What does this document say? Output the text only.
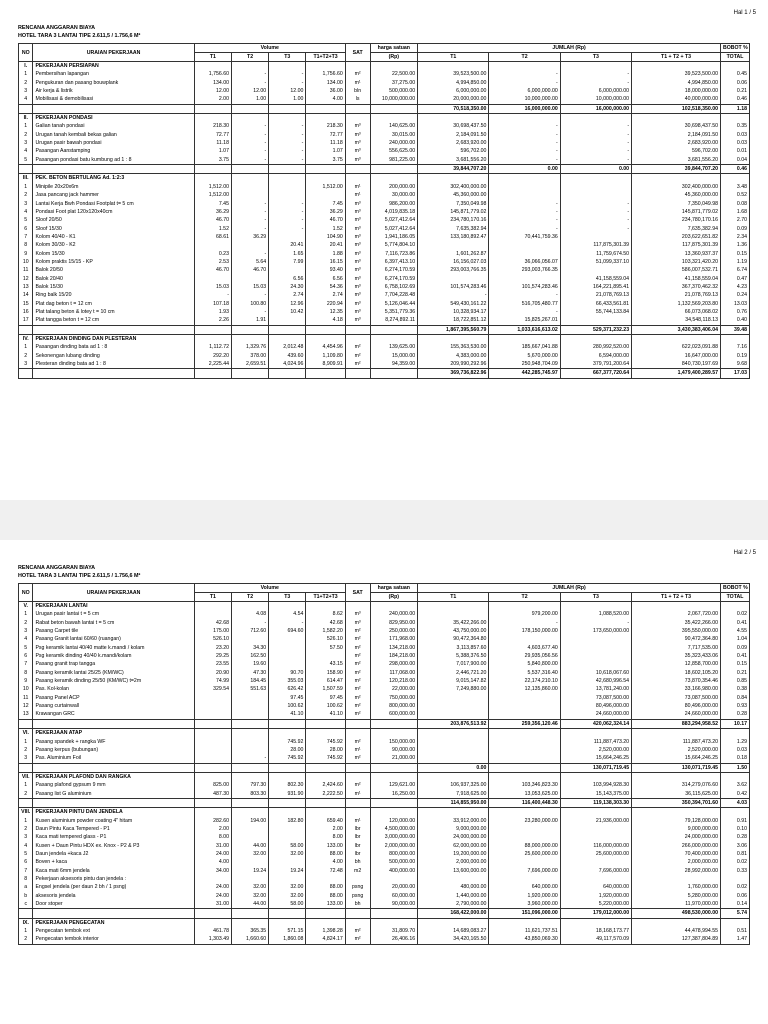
Hal 1 / 5
RENCANA ANGGARAN BIAYA
HOTEL TARA 3 LANTAI TIPE 2.611,5 / 1.756,6 M²
NO	URAIAN PEKERJAAN	Volume				SAT	harga satuan	JUMLAH (Rp)				BOBOT %
		T1	T2	T3	T1+T2+T3		(Rp)	T1	T2	T3	T1 + T2 + T3	TOTAL
I.	PEKERJAAN PERSIAPAN											
1	Pembersihan lapangan	1,756.60	-	-	1,756.60	m²	22,500.00	39,523,500.00	-	-	39,523,500.00	0.45
2	Pengukuran dan pasang bouwplank	134.00	-	-	134.00	m¹	37,275.00	4,994,850.00	-	-	4,994,850.00	0.06
3	Air kerja & listrik	12.00	12.00	12.00	36.00	bln	500,000.00	6,000,000.00	6,000,000.00	6,000,000.00	18,000,000.00	0.21
4	Mobilisasi & demobilisasi	2.00	1.00	1.00	4.00	ls	10,000,000.00	20,000,000.00	10,000,000.00	10,000,000.00	40,000,000.00	0.46
								70,518,350.00	16,000,000.00	16,000,000.00	102,518,350.00	1.18
II.	PEKERJAAN PONDASI											
1	Galian tanah pondasi	218.30	-	-	218.30	m³	140,625.00	30,698,437.50	-	-	30,698,437.50	0.35
2	Urugan tanah kembali bekas galian	72.77	-	-	72.77	m³	30,015.00	2,184,091.50	-	-	2,184,091.50	0.03
3	Urugan pasir bawah pondasi	11.18	-	-	11.18	m³	240,000.00	2,683,920.00	-	-	2,683,920.00	0.03
4	Pasangan Aanstamping	1.07	-	-	1.07	m³	556,625.00	596,702.00	-	-	596,702.00	0.01
5	Pasangan pondasi batu kumbung ad 1 : 8	3.75	-	-	3.75	m³	981,225.00	3,681,556.20	-	-	3,681,556.20	0.04
								39,844,707.20	0.00	0.00	39,844,707.20	0.46
III.	PEK. BETON BERTULANG Ad. 1:2:3											
1	Minipile 20x20x6m	1,512.00			1,512.00	m¹	200,000.00	302,400,000.00			302,400,000.00	3.48
2	Jasa pancang jack hammer	1,512.00				m¹	30,000.00	45,360,000.00			45,360,000.00	0.52
3	Lantai Kerja Bwh Pondasi Footplat t= 5 cm	7.45	-	-	7.45	m³	986,200.00	7,350,049.98	-	-	7,350,049.98	0.08
4	Pondasi Foot plat 120x120x40cm	36.29	-	-	36.29	m³	4,019,835.18	145,871,779.02	-	-	145,871,779.02	1.68
5	Sloof 20/50	46.70	-	-	46.70	m³	5,027,412.64	234,780,170.16	-	-	234,780,170.16	2.70
6	Sloof 15/30	1.52	-	-	1.52	m³	5,027,412.64	7,635,382.94	-	-	7,635,382.94	0.09
7	Kolom 40/40 - K1	68.61	36.29		104.90	m³	1,941,186.05	133,180,892.47	70,441,759.36		203,622,651.82	2.34
8	Kolom 30/30 - K2			20.41	20.41	m³	5,774,804.10			117,875,301.39	117,875,301.39	1.36
9	Kolom 15/30	0.23	-	1.65	1.88	m³	7,116,723.86	1,601,262.87		11,759,674.50	13,360,937.37	0.15
10	Kolom praktis 15/15 - KP	2.53	5.64	7.99	16.15	m³	6,397,413.10	16,156,027.03	36,066,056.07	51,099,337.10	103,321,420.20	1.19
11	Balok 20/50	46.70	46.70		93.40	m³	6,274,170.59	293,003,766.35	293,003,766.35		586,007,532.71	6.74
12	Balok 20/40			6.56	6.56	m³	6,274,170.59			41,158,559.04	41,158,559.04	0.47
13	Balok 15/30	15.03	15.03	24.30	54.36	m³	6,758,102.69	101,574,283.46	101,574,283.46	164,221,895.41	367,370,462.32	4.23
14	Ring balk 15/20	-	-	2.74	2.74	m³	7,704,228.48	-	-	21,078,769.13	21,078,769.13	0.24
15	Plat dag beton t = 12 cm	107.18	100.80	12.96	220.94	m³	5,126,046.44	549,430,161.22	516,705,480.77	66,433,561.81	1,132,569,203.80	13.03
16	Plat talang beton & lotey t = 10 cm	1.93	-	10.42	12.35	m³	5,351,779.36	10,328,934.17	-	55,744,133.84	66,073,068.02	0.76
17	Plat tangga beton t = 12 cm	2.26	1.91		4.18	m³	8,274,892.11	18,722,851.12	15,825,267.01		34,548,118.13	0.40
								1,867,395,560.79	1,033,616,613.02	529,371,232.23	3,430,383,406.04	39.48
IV.	PEKERJAAN DINDING DAN PLESTERAN											
1	Pasangan dinding bata ad 1 : 8	1,112.72	1,329.76	2,012.48	4,454.96	m²	139,625.00	155,363,530.00	185,667,041.88	280,992,520.00	622,023,091.88	7.16
2	Sekonengan lubang dinding	292.20	378.00	439.60	1,109.80	m²	15,000.00	4,383,000.00	5,670,000.00	6,594,000.00	16,647,000.00	0.19
3	Plesteran dinding bata ad 1 : 8	2,225.44	2,659.51	4,024.96	8,909.91	m²	94,359.00	209,990,292.96	250,948,704.09	379,791,200.64	840,730,197.69	9.68
								369,736,822.96	442,285,745.97	667,377,720.64	1,479,400,289.57	17.03
Hal 2 / 5
RENCANA ANGGARAN BIAYA
HOTEL TARA 3 LANTAI TIPE 2.611,5 / 1.756,6 M²
NO	URAIAN PEKERJAAN	Volume				SAT	harga satuan	JUMLAH (Rp)				BOBOT %
		T1	T2	T3	T1+T2+T3		(Rp)	T1	T2	T3	T1 + T2 + T3	TOTAL
V.	PEKERJAAN LANTAI											
1	Urugan pasir lantai t = 5 cm		4.08	4.54	8.62	m³	240,000.00		979,200.00	1,088,520.00	2,067,720.00	0.02
2	Rabat beton bawah lantai t = 5 cm	42.68	-	-	42.68	m³	829,950.00	35,422,266.00	-	-	35,422,266.00	0.41
3	Pasang Carpet tile	175.00	712.60	694.60	1,582.20	m²	250,000.00	43,750,000.00	178,150,000.00	173,650,000.00	395,550,000.00	4.55
4	Pasang Granit lantai 60/60 (ruangan)	526.10			526.10	m²	171,968.00	90,472,364.80			90,472,364.80	1.04
5	Psg keramik lantai 40/40 matte k.mandi / kolam	23.20	34.30		57.50	m²	134,218.00	3,113,857.60	4,603,677.40		7,717,535.00	0.09
6	Psg keramik dinding 40/40 k.mandi/kolam	29.25	162.50			m²	184,218.00	5,388,376.50	29,935,056.56		35,323,433.06	0.41
7	Pasang granit trap tangga	23.55	19.60		43.15	m²	298,000.00	7,017,900.00	5,840,800.00		12,858,700.00	0.15
8	Pasang keramik lantai 25/25 (KM/WC)	20.90	47.30	90.70	158.90	m²	117,068.00	2,446,721.20	5,537,316.40	10,618,067.60	18,602,105.20	0.21
9	Pasang keramik dinding 25/50 (KM/WC) t=2m	74.99	184.45	355.03	614.47	m²	120,218.00	9,015,147.82	22,174,210.10	42,680,996.54	73,870,354.46	0.85
10	Pas. Kol-kolan	329.54	551.63	626.42	1,507.59	m²	22,000.00	7,249,880.00	12,135,860.00	13,781,240.00	33,166,980.00	0.38
11	Pasang Panel ACP			97.45	97.45	m²	750,000.00			73,087,500.00	73,087,500.00	0.84
12	Pasang curtainwall			100.62	100.62	m²	800,000.00			80,496,000.00	80,496,000.00	0.93
13	Krawangan GRC			41.10	41.10	m²	600,000.00			24,660,000.00	24,660,000.00	0.28
								203,876,513.92	259,356,120.46	420,062,324.14	883,294,958.52	10.17
VI.	PEKERJAAN ATAP											
1	Pasang spandek + rangka WF			745.92	745.92	m²	150,000.00			111,887,473.20	111,887,473.20	1.29
2	Pasang kerpus (bubungan)			28.00	28.00	m¹	90,000.00			2,520,000.00	2,520,000.00	0.03
3	Pas. Aluminium Foil		-	745.92	745.92	m²	21,000.00			15,664,246.25	15,664,246.25	0.18
								0.00		130,071,719.45	130,071,719.45	1.50
VII.	PEKERJAAN PLAFOND DAN RANGKA											
1	Pasang plafond gypsum 9 mm	825.00	797.30	802.30	2,424.60	m²	129,621.00	106,937,325.00	103,346,823.30	103,994,928.30	314,279,076.60	3.62
2	Pasang list G aluminium	487.30	803.30	931.90	2,222.50	m¹	16,250.00	7,918,625.00	13,053,625.00	15,143,375.00	36,115,625.00	0.42
								114,855,950.00	116,400,448.30	119,138,303.30	350,394,701.60	4.03
VIII.	PEKERJAAN PINTU DAN JENDELA											
1	Kusen aluminium powder coating 4" hitam	282.60	194.00	182.80	659.40	m¹	120,000.00	33,912,000.00	23,280,000.00	21,936,000.00	79,128,000.00	0.91
2	Daun Pintu Kaca Tempered - P1	2.00			2.00	lbr	4,500,000.00	9,000,000.00			9,000,000.00	0.10
3	Kaca mati tempered glass - P1	8.00			8.00	lbr	3,000,000.00	24,000,000.00			24,000,000.00	0.28
4	Kusen + Daun Pintu HDX ex. Knox - P2 & P3	31.00	44.00	58.00	133.00	lbr	2,000,000.00	62,000,000.00	88,000,000.00	116,000,000.00	266,000,000.00	3.06
5	Daun jendela +kaca J2	24.00	32.00	32.00	88.00	lbr	800,000.00	19,200,000.00	25,600,000.00	25,600,000.00	70,400,000.00	0.81
6	Boven + kaca	4.00			4.00	bh	500,000.00	2,000,000.00			2,000,000.00	0.02
7	Kaca mati 6mm jendela	34.00	19.24	19.24	72.48	m2	400,000.00	13,600,000.00	7,696,000.00	7,696,000.00	28,992,000.00	0.33
8	Pekerjaan aksesoris pintu dan jendela :											
a	Engsel jendela (per daun 2 bh / 1 psng)	24.00	32.00	32.00	88.00	psng	20,000.00	480,000.00	640,000.00	640,000.00	1,760,000.00	0.02
b	aksesoris jendela	24.00	32.00	32.00	88.00	psng	60,000.00	1,440,000.00	1,920,000.00	1,920,000.00	5,280,000.00	0.06
c	Door stoper	31.00	44.00	58.00	133.00	bh	90,000.00	2,790,000.00	3,960,000.00	5,220,000.00	11,970,000.00	0.14
								168,422,000.00	151,096,000.00	179,012,000.00	498,530,000.00	5.74
IX.	PEKERJAAN PENGECATAN											
1	Pengecatan tembok ext	461.78	365.35	571.15	1,398.28	m²	31,809.70	14,689,083.27	11,621,737.51	18,168,173.77	44,478,994.55	0.51
2	Pengecatan tembok interior	1,303.49	1,660.60	1,860.08	4,824.17	m²	26,406.16	34,420,165.50	43,850,069.30	49,117,570.09	127,387,804.89	1.47
